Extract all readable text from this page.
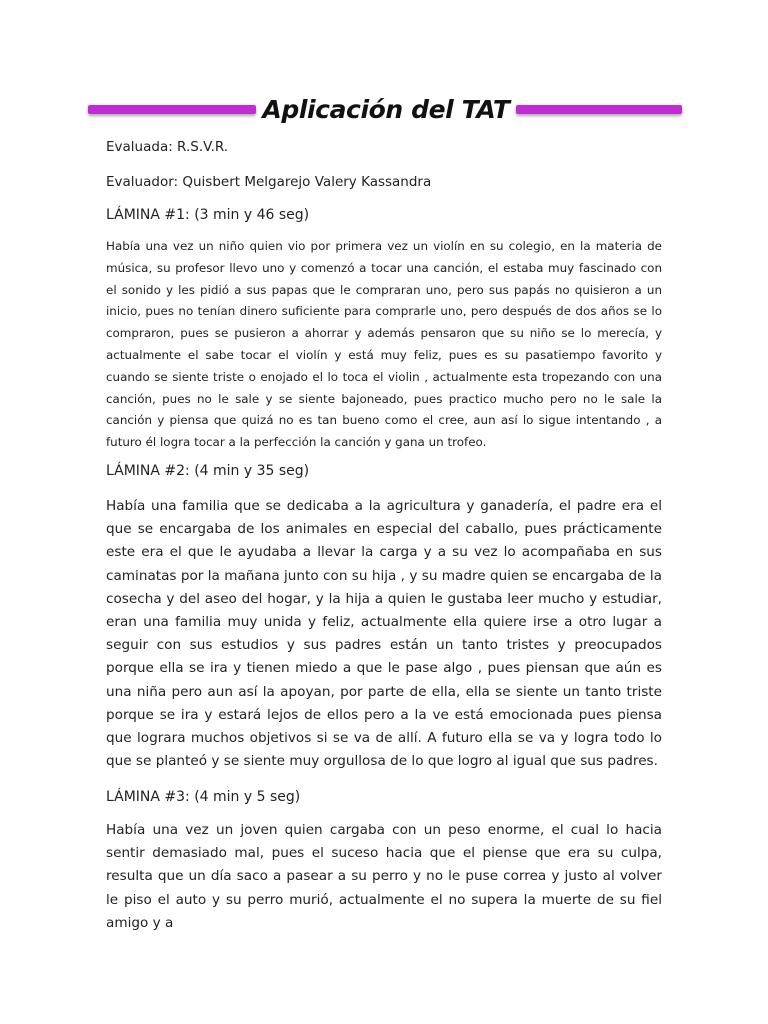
Aplicación del TAT
Evaluada: R.S.V.R.
Evaluador: Quisbert Melgarejo Valery Kassandra
LÁMINA #1: (3 min y 46 seg)
Había una vez un niño quien vio por primera vez un violín en su colegio, en la materia de música, su profesor llevo uno y comenzó a tocar una canción, el estaba muy fascinado con el sonido y les pidió a sus papas que le compraran uno, pero sus papás no quisieron a un inicio, pues no tenían dinero suficiente para comprarle uno, pero después de dos años se lo compraron, pues se pusieron a ahorrar y además pensaron que su niño se lo merecía, y actualmente el sabe tocar el violín y está muy feliz, pues es su pasatiempo favorito y cuando se siente triste o enojado el lo toca el violin , actualmente esta tropezando con una canción, pues no le sale y se siente bajoneado, pues practico mucho pero no le sale la canción y piensa que quizá no es tan bueno como el cree, aun así lo sigue intentando , a futuro él logra tocar a la perfección la canción y gana un trofeo.
LÁMINA #2: (4 min y 35 seg)
Había una familia que se dedicaba a la agricultura y ganadería, el padre era el que se encargaba de los animales en especial del caballo, pues prácticamente este era el que le ayudaba a llevar la carga y a su vez lo acompañaba en sus caminatas por la mañana junto con su hija , y su madre quien se encargaba de la cosecha y del aseo del hogar, y la hija a quien le gustaba leer mucho y estudiar, eran una familia muy unida y feliz, actualmente ella quiere irse a otro lugar a seguir con sus estudios y sus padres están un tanto tristes y preocupados porque ella se ira y tienen miedo a que le pase algo , pues piensan que aún es una niña pero aun así la apoyan, por parte de ella, ella se siente un tanto triste porque se ira y estará lejos de ellos pero a la ve está emocionada pues piensa que lograra muchos objetivos si se va de allí. A futuro ella se va y logra todo lo que se planteó y se siente muy orgullosa de lo que logro al igual que sus padres.
LÁMINA #3: (4 min y 5 seg)
Había una vez un joven quien cargaba con un peso enorme, el cual lo hacia sentir demasiado mal, pues el suceso hacia que el piense que era su culpa, resulta que un día saco a pasear a su perro y no le puse correa y justo al volver le piso el auto y su perro murió, actualmente el no supera la muerte de su fiel amigo y a
